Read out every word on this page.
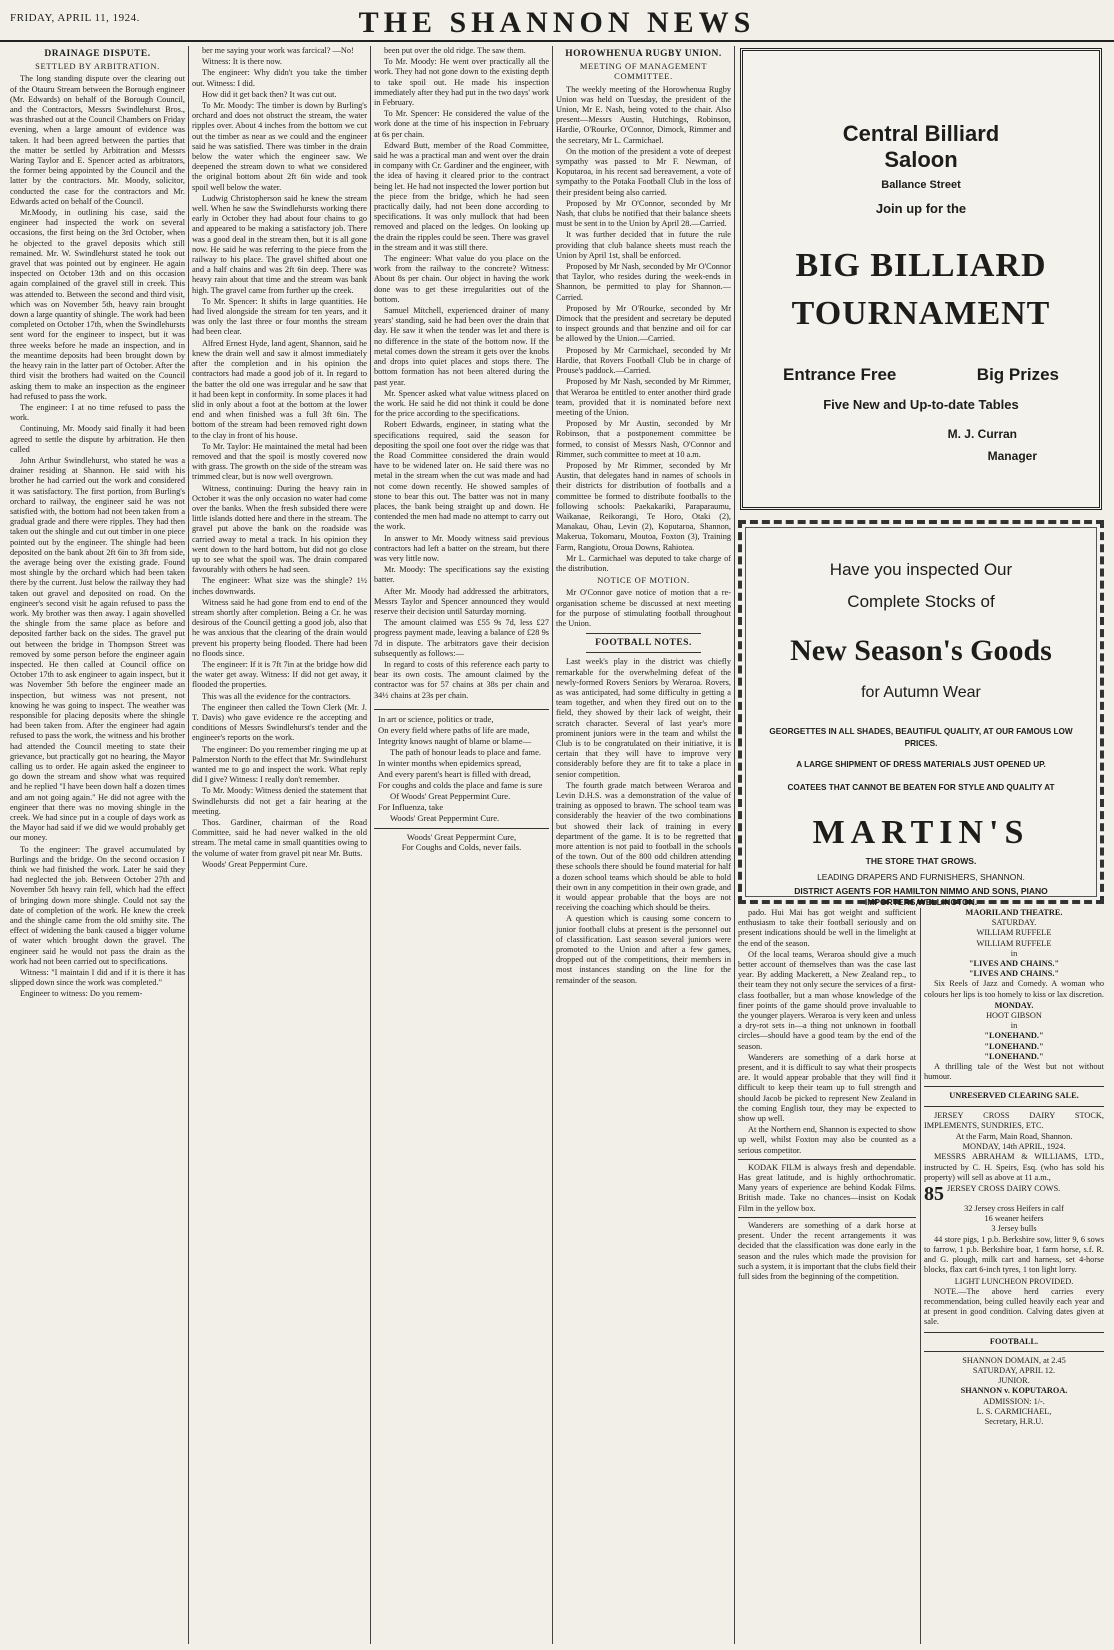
FRIDAY, APRIL 11, 1924.	THE SHANNON NEWS
DRAINAGE DISPUTE.
SETTLED BY ARBITRATION.

The long standing dispute over the clearing out of the Otauru Stream between the Borough engineer (Mr. Edwards) on behalf of the Borough Council, and the Contractors, Messrs Swindlehurst Bros., was thrashed out at the Council Chambers on Friday evening, when a large amount of evidence was taken. It had been agreed between the parties that the matter be settled by Arbitration and Messrs Waring Taylor and E. Spencer acted as arbitrators, the former being appointed by the Council and the latter by the contractors. Mr. Moody, solicitor, conducted the case for the contractors and Mr. Edwards acted on behalf of the Council.

Mr.Moody, in outlining his case, said the engineer had inspected the work on several occasions, the first being on the 3rd October, when he objected to the gravel deposits which still remained. Mr. W. Swindlehurst stated he took out gravel that was pointed out by engineer. He again inspected on October 13th and on this occasion again complained of the gravel still in creek. This was attended to. Between the second and third visit, which was on November 5th, heavy rain brought down a large quantity of shingle. The work had been completed on October 17th, when the Swindlehursts sent word for the engineer to inspect, but it was three weeks before he made an inspection, and in the meantime deposits had been brought down by the heavy rain in the latter part of October. After the third visit the brothers had waited on the Council asking them to make an inspection as the engineer had refused to pass the work.

The engineer: I at no time refused to pass the work.

Continuing, Mr. Moody said finally it had been agreed to settle the dispute by arbitration. He then called

John Arthur Swindlehurst, who stated he was a drainer residing at Shannon. He said with his brother he had carried out the work and considered it was satisfactory. The first portion, from Burling's orchard to railway, the engineer said he was not satisfied with, the bottom had not been taken from a gradual grade and there were ripples. They had then taken out the shingle and cut out timber in one piece pointed out by the engineer. The shingle had been deposited on the bank about 2ft 6in to 3ft from side, the average being over the existing grade. Found most shingle by the orchard which had been taken there by the current. Just below the railway they had taken out gravel and deposited on road. On the engineer's second visit he again refused to pass the work. My brother was then away. I again shovelled the shingle from the same place as before and deposited farther back on the sides. The gravel put out between the bridge in Thompson Street was removed by some person before the engineer again inspected. He then called at Council office on October 17th to ask engineer to again inspect, but it was November 5th before the engineer made an inspection, but witness was not present, not knowing he was going to inspect. The weather was responsible for placing deposits where the shingle had been taken from. After the engineer had again refused to pass the work, the witness and his brother had attended the Council meeting to state their grievance, but practically got no hearing, the Mayor calling us to order. He again asked the engineer to go down the stream and show what was required and he replied "I have been down half a dozen times and am not going again." He did not agree with the engineer that there was no moving shingle in the creek. We had since put in a couple of days work as the Mayor had said if we did we would probably get our money.

To the engineer: The gravel accumulated by Burlings and the bridge. On the second occasion I think we had finished the work. Later he said they had neglected the job. Between October 27th and November 5th heavy rain fell, which had the effect of bringing down more shingle. Could not say the date of completion of the work. He knew the creek and the shingle came from the old smithy site. The effect of widening the bank caused a bigger volume of water which brought down the gravel. The engineer said he would not pass the drain as the work had not been carried out to specifications.

Witness: "I maintain I did and if it is there it has slipped down since the work was completed."

Engineer to witness: Do you remem-

ber me saying your work was farcical? —No!

Witness: It is there now.

The engineer: Why didn't you take the timber out. Witness: I did.

How did it get back then? It was cut out.

To Mr. Moody: The timber is down by Burling's orchard and does not obstruct the stream, the water ripples over. About 4 inches from the bottom we cut out the timber as near as we could and the engineer said he was satisfied. There was timber in the drain below the water which the engineer saw. We deepened the stream down to what we considered the original bottom about 2ft 6in wide and took spoil well below the water.

Ludwig Christopherson said he knew the stream well. When he saw the Swindlehursts working there early in October they had about four chains to go and appeared to be making a satisfactory job. There was a good deal in the stream then, but it is all gone now. He said he was referring to the piece from the railway to his place. The gravel shifted about one and a half chains and was 2ft 6in deep. There was heavy rain about that time and the stream was bank high. The gravel came from further up the creek.

To Mr. Spencer: It shifts in large quantities. He had lived alongside the stream for ten years, and it was only the last three or four months the stream had been clear.

Alfred Ernest Hyde, land agent, Shannon, said he knew the drain well and saw it almost immediately after the completion and in his opinion the contractors had made a good job of it. In regard to the batter the old one was irregular and he saw that it had been kept in conformity. In some places it had slid in only about a foot at the bottom at the lower end and when finished was a full 3ft 6in. The bottom of the stream had been removed right down to the clay in front of his house.

To Mr. Taylor: He maintained the metal had been removed and that the spoil is mostly covered now with grass. The growth on the side of the stream was trimmed clear, but is now well overgrown.

Witness, continuing: During the heavy rain in October it was the only occasion no water had come over the banks. When the fresh subsided there were little islands dotted here and there in the stream. The gravel put above the bank on the roadside was carried away to metal a track. In his opinion they went down to the hard bottom, but did not go close up to see what the spoil was. The drain compared favourably with others he had seen.

The engineer: What size was the shingle? 1½ inches downwards.

Witness said he had gone from end to end of the stream shortly after completion. Being a Cr. he was desirous of the Council getting a good job, also that he was anxious that the clearing of the drain would prevent his property being flooded. There had been no floods since.

The engineer: If it is 7ft 7in at the bridge how did the water get away. Witness: If did not get away, it flooded the properties.

This was all the evidence for the contractors.

The engineer then called the Town Clerk (Mr. J. T. Davis) who gave evidence re the accepting and conditions of Messrs Swindlehurst's tender and the engineer's reports on the work.

The engineer: Do you remember ringing me up at Palmerston North to the effect that Mr. Swindlehurst wanted me to go and inspect the work. What reply did I give? Witness: I really don't remember.

To Mr. Moody: Witness denied the statement that Swindlehursts did not get a fair hearing at the meeting.

Thos. Gardiner, chairman of the Road Committee, said he had never walked in the old stream. The metal came in small quantities owing to the volume of water from gravel pit near Mr. Butts.

Woods' Great Peppermint Cure.

been put over the old ridge. The saw them.

To Mr. Moody: He went over practically all the work. They had not gone down to the existing depth to take spoil out. He made his inspection immediately after they had put in the two days' work in February.

To Mr. Spencer: He considered the value of the work done at the time of his inspection in February at 6s per chain.

Edward Butt, member of the Road Committee, said he was a practical man and went over the drain in company with Cr. Gardiner and the engineer, with the idea of having it cleared prior to the contract being let. He had not inspected the lower portion but the piece from the bridge, which he had seen practically daily, had not been done according to specifications. It was only mullock that had been removed and placed on the ledges. On looking up the drain the ripples could be seen. There was gravel in the stream and it was still there.

The engineer: What value do you place on the work from the railway to the concrete? Witness: About 8s per chain. Our object in having the work done was to get these irregularities out of the bottom.

Samuel Mitchell, experienced drainer of many years' standing, said he had been over the drain that day. He saw it when the tender was let and there is no difference in the state of the bottom now. If the metal comes down the stream it gets over the knobs and drops into quiet places and stops there. The bottom formation has not been altered during the past year.

Mr. Spencer asked what value witness placed on the work. He said he did not think it could be done for the price according to the specifications.

Robert Edwards, engineer, in stating what the specifications required, said the season for depositing the spoil one foot over the ridge was that the Road Committee considered the drain would have to be widened later on. He said there was no metal in the stream when the cut was made and had not come down recently. He showed samples of stone to bear this out. The batter was not in many places, the bank being straight up and down. He contended the men had made no attempt to carry out the work.

In answer to Mr. Moody witness said previous contractors had left a batter on the stream, but there was very little now.

Mr. Moody: The specifications say the existing batter.

After Mr. Moody had addressed the arbitrators, Messrs Taylor and Spencer announced they would reserve their decision until Saturday morning.

The amount claimed was £55 9s 7d, less £27 progress payment made, leaving a balance of £28 9s 7d in dispute. The arbitrators gave their decision subsequently as follows:—

In regard to costs of this reference each party to bear its own costs. The amount claimed by the contractor was for 57 chains at 38s per chain and 34½ chains at 23s per chain.

In art or science, politics or trade,
On every field where paths of life are made,
Integrity knows naught of blame or blame—
The path of honour leads to place and fame.
In winter months when epidemics spread,
And every parent's heart is filled with dread,
For coughs and colds the place and fame is sure
Of Woods' Great Peppermint Cure.
For Influenza, take
Woods' Great Peppermint Cure.
Woods' Great Peppermint Cure,
For Coughs and Colds, never fails.
HOROWHENUA RUGBY UNION.
MEETING OF MANAGEMENT COMMITTEE.

The weekly meeting of the Horowhenua Rugby Union was held on Tuesday, the president of the Union, Mr E. Nash, being voted to the chair. Also present—Messrs Austin, Hutchings, Robinson, Hardie, O'Rourke, O'Connor, Dimock, Rimmer and the secretary, Mr L. Carmichael.

On the motion of the president a vote of deepest sympathy was passed to Mr F. Newman, of Koputaroa, in his recent sad bereavement, a vote of sympathy to the Potaka Football Club in the loss of their president being also carried.

Proposed by Mr O'Connor, seconded by Mr Nash, that clubs be notified that their balance sheets must be sent in to the Union by April 28.—Carried.

It was further decided that in future the rule providing that club balance sheets must reach the Union by April 1st, shall be enforced.

Proposed by Mr Nash, seconded by Mr O'Connor that Taylor, who resides during the week-ends in Shannon, be permitted to play for Shannon.—Carried.

Proposed by Mr O'Rourke, seconded by Mr Dimock that the president and secretary be deputed to inspect grounds and that benzine and oil for car be allowed by the Union.—Carried.

Proposed by Mr Carmichael, seconded by Mr Hardie, that Rovers Football Club be in charge of Prouse's paddock.—Carried.

Proposed by Mr Nash, seconded by Mr Rimmer, that Weraroa be entitled to enter another third grade team, provided that it is nominated before next meeting of the Union.

Proposed by Mr Austin, seconded by Mr Robinson, that a postponement committee be formed, to consist of Messrs Nash, O'Connor and Rimmer, such committee to meet at 10 a.m.

Proposed by Mr Rimmer, seconded by Mr Austin, that delegates hand in names of schools in their districts for distribution of footballs and a committee be formed to distribute footballs to the following schools: Paekakariki, Paraparaumu, Waikanae, Reikorangi, Te Horo, Otaki (2), Manakau, Ohau, Levin (2), Koputaroa, Shannon, Makerua, Tokomaru, Moutoa, Foxton (3), Training Farm, Rangiotu, Oroua Downs, Rahiotea.

Mr L. Carmichael was deputed to take charge of the distribution.

NOTICE OF MOTION.

Mr O'Connor gave notice of motion that a re-organisation scheme be discussed at next meeting for the purpose of stimulating football throughout the Union.

FOOTBALL NOTES.

Last week's play in the district was chiefly remarkable for the overwhelming defeat of the newly-formed Rovers Seniors by Weraroa. Rovers, as was anticipated, had some difficulty in getting a team together, and when they fired out on to the field, they showed by their lack of weight, their scratch character. Several of last year's more prominent juniors were in the team and whilst the Club is to be congratulated on their initiative, it is certain that they will have to improve very considerably before they are fit to take a place in senior competition.

The fourth grade match between Weraroa and Levin D.H.S. was a demonstration of the value of training as opposed to brawn. The school team was considerably the heavier of the two combinations but showed their lack of training in every department of the game. It is to be regretted that more attention is not paid to football in the schools of the town. Out of the 800 odd children attending these schools there should be found material for half a dozen school teams which should be able to hold their own in any competition in their own grade, and it would appear probable that the boys are not receiving the coaching which should be theirs.

A question which is causing some concern to junior football clubs at present is the personnel out of classification. Last season several juniors were promoted to the Union and after a few games, dropped out of the competitions, their members in most instances standing on the line for the remainder of the season.

Central Billiard
Saloon
Ballance Street
Join up for the
BIG BILLIARD
TOURNAMENT
Entrance Free	Big Prizes
Five New and Up-to-date Tables
M. J. Curran
Manager
Have you inspected Our
Complete Stocks of
New Season's Goods
for Autumn Wear
GEORGETTES IN ALL SHADES, BEAUTIFUL QUALITY, AT OUR FAMOUS LOW PRICES.
A LARGE SHIPMENT OF DRESS MATERIALS JUST OPENED UP.
COATEES THAT CANNOT BE BEATEN FOR STYLE AND QUALITY AT
MARTIN'S
THE STORE THAT GROWS.
LEADING DRAPERS AND FURNISHERS, SHANNON.
DISTRICT AGENTS FOR HAMILTON NIMMO AND SONS, PIANO IMPORTERS,WELLINGTON.

pado. Hui Mai has got weight and sufficient enthusiasm to take their football seriously and on present indications should be well in the limelight at the end of the season.

Of the local teams, Weraroa should give a much better account of themselves than was the case last year. By adding Mackerett, a New Zealand rep., to their team they not only secure the services of a first-class footballer, but a man whose knowledge of the finer points of the game should prove invaluable to the younger players. Weraroa is very keen and unless a dry-rot sets in—a thing not unknown in football circles—should have a good team by the end of the season.

Wanderers are something of a dark horse at present, and it is difficult to say what their prospects are. It would appear probable that they will find it difficult to keep their team up to full strength and should Jacob be picked to represent New Zealand in the coming English tour, they may be expected to show up well.

At the Northern end, Shannon is expected to show up well, whilst Foxton may also be counted as a serious competitor.

KODAK FILM is always fresh and dependable. Has great latitude, and is highly orthochromatic. Many years of experience are behind Kodak Films. British made. Take no chances—insist on Kodak Film in the yellow box.

Wanderers are something of a dark horse at present. Under the recent arrangements it was decided that the classification was done early in the season and the rules which made the provision for such a system, it is important that the clubs field their full sides from the beginning of the competition.

MAORILAND THEATRE.
SATURDAY.
WILLIAM RUFFELE
WILLIAM RUFFELE
in
"LIVES AND CHAINS."
"LIVES AND CHAINS."

Six Reels of Jazz and Comedy. A woman who colours her lips is too homely to kiss or lax discretion.

MONDAY.
HOOT GIBSON
in
"LONEHAND."
"LONEHAND."
"LONEHAND."

A thrilling tale of the West but not without humour.

UNRESERVED CLEARING SALE.

JERSEY CROSS DAIRY STOCK, IMPLEMENTS, SUNDRIES, ETC.

At the Farm, Main Road, Shannon.
MONDAY, 14th APRIL, 1924.

MESSRS ABRAHAM & WILLIAMS, LTD., instructed by C. H. Speirs, Esq. (who has sold his property) will sell as above at 11 a.m.,

85 JERSEY CROSS DAIRY COWS.
32 Jersey cross Heifers in calf
16 weaner heifers
3 Jersey bulls

44 store pigs, 1 p.b. Berkshire sow, litter 9, 6 sows to farrow, 1 p.b. Berkshire boar, 1 farm horse, s.f. R. and G. plough, milk cart and harness, set 4-horse blocks, flax cart 6-inch tyres, 1 ton light lorry.

LIGHT LUNCHEON PROVIDED.

NOTE.—The above herd carries every recommendation, being culled heavily each year and at present in good condition. Calving dates given at sale.

FOOTBALL.
SHANNON DOMAIN, at 2.45
SATURDAY, APRIL 12.
JUNIOR.
SHANNON v. KOPUTAROA.
ADMISSION: 1/-.
L. S. CARMICHAEL,
Secretary, H.R.U.
